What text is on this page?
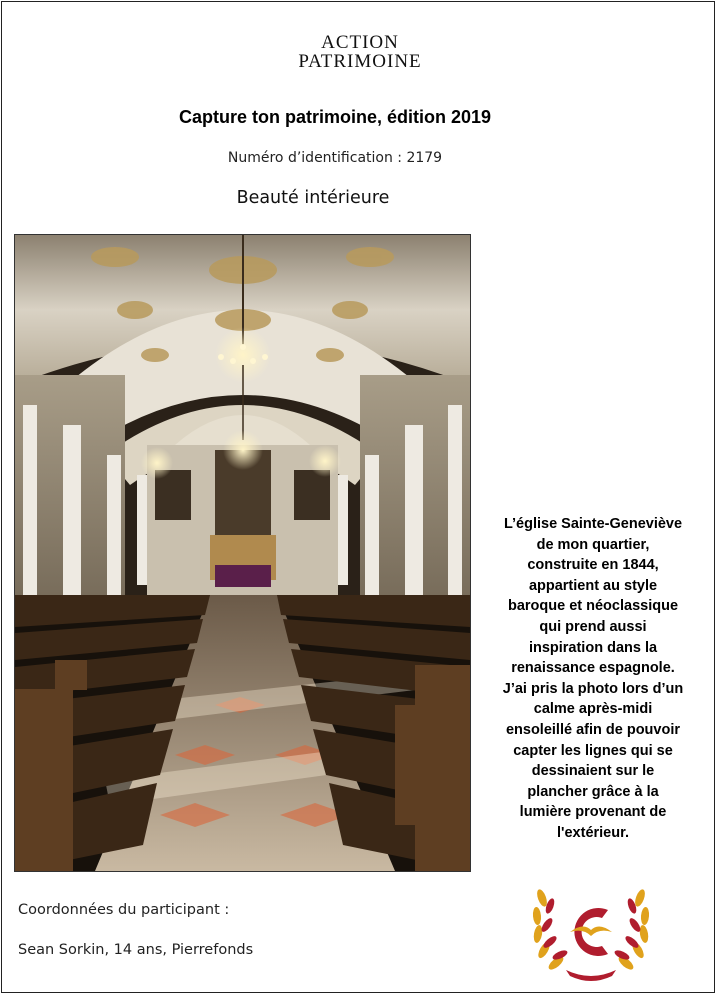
ACTION
PATRIMOINE
Capture ton patrimoine, édition 2019
Numéro d’identification : 2179
Beauté intérieure
L’église Sainte-Geneviève
de mon quartier,
construite en 1844,
appartient au style
baroque et néoclassique
qui prend aussi
inspiration dans la
renaissance espagnole.
J’ai pris la photo lors d’un
calme après-midi
ensoleillé afin de pouvoir
capter les lignes qui se
dessinaient sur le
plancher grâce à la
lumière provenant de
l'extérieur.
Coordonnées du participant :
Sean Sorkin, 14 ans, Pierrefonds
